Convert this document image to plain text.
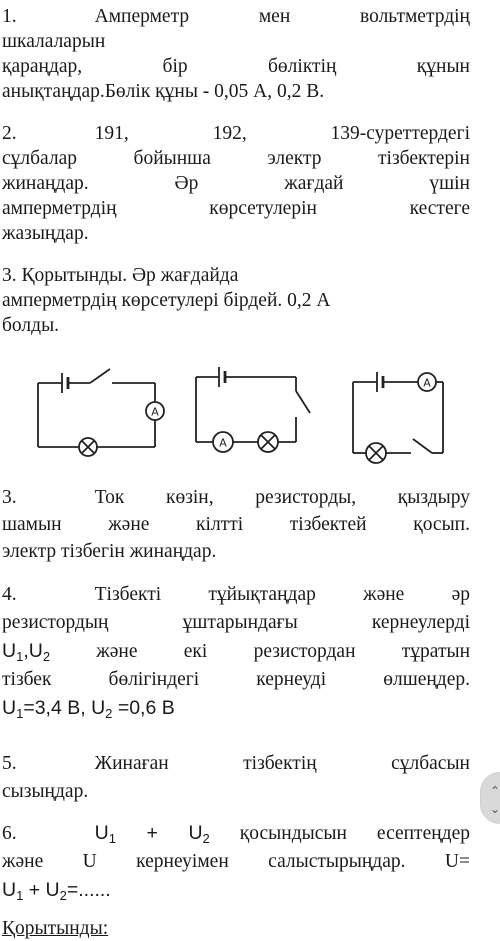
1.	Амперметр мен вольтметрдің
шкалаларын
қараңдар, бір бөліктің құнын
анықтаңдар.Бөлік құны - 0,05 А, 0,2 В.
2.	191, 192, 139-суреттердегі
сұлбалар бойынша электр тізбектерін
жинаңдар. Әр жағдай үшін
амперметрдің көрсетулерін кестеге
жазыңдар.
3. Қорытынды. Әр жағдайда
амперметрдің көрсетулері бірдей. 0,2 А
болды.
A
A
A
3.	Ток көзін, резисторды, қыздыру
шамын және кілтті тізбектей қосып.
электр тізбегін жинаңдар.
4.	Тізбекті тұйықтаңдар және әр
резистордың ұштарындағы кернеулерді
$U_1,U_2$ және екі резистордан тұратын
тізбек бөлігіндегі кернеуді өлшеңдер.
$U_1=3,4$ В, $U_2 =0,6$ В
5.	Жинаған тізбектің сұлбасын
сызыңдар.
6.	$U_1 + U_2$ қосындысын есептеңдер
және U кернеуімен салыстырыңдар. U=
$U_1 + U_2=$......
Қорытынды:
⌃
⌄
